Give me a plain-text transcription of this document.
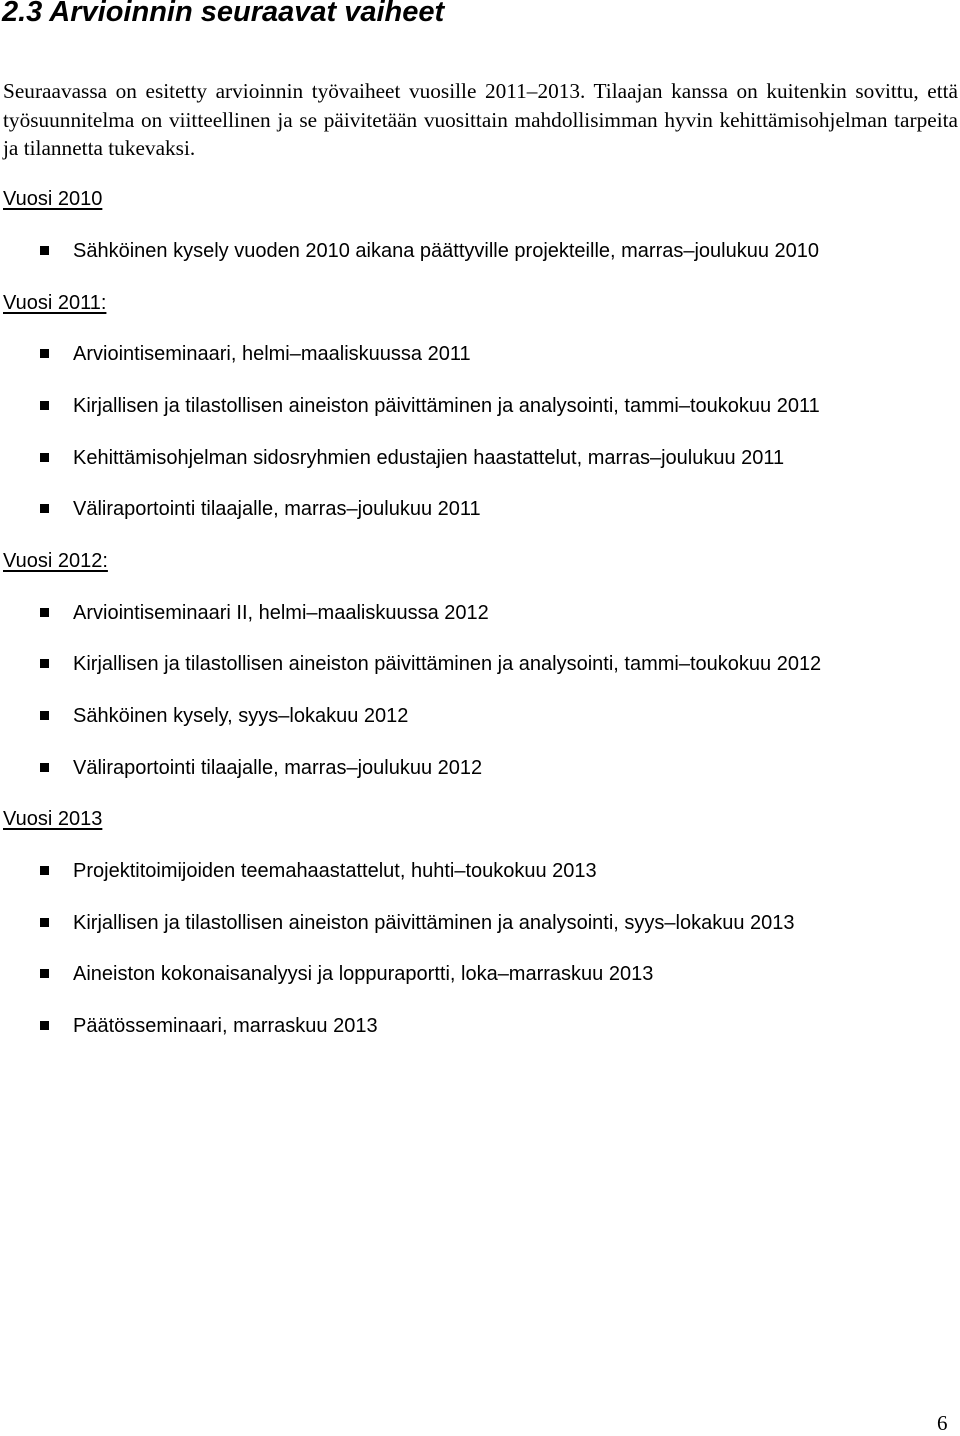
2.3 Arvioinnin seuraavat vaiheet

Seuraavassa on esitetty arvioinnin työvaiheet vuosille 2011–2013. Tilaajan kanssa on kuitenkin sovittu, että työsuunnitelma on viitteellinen ja se päivitetään vuosittain mahdollisimman hyvin kehittämisohjelman tarpeita ja tilannetta tukevaksi.

Vuosi 2010
Sähköinen kysely vuoden 2010 aikana päättyville projekteille, marras–joulukuu 2010
Vuosi 2011:
Arviointiseminaari, helmi–maaliskuussa 2011
Kirjallisen ja tilastollisen aineiston päivittäminen ja analysointi, tammi–toukokuu 2011
Kehittämisohjelman sidosryhmien edustajien haastattelut, marras–joulukuu 2011
Väliraportointi tilaajalle, marras–joulukuu 2011
Vuosi 2012:
Arviointiseminaari II, helmi–maaliskuussa 2012
Kirjallisen ja tilastollisen aineiston päivittäminen ja analysointi, tammi–toukokuu 2012
Sähköinen kysely, syys–lokakuu 2012
Väliraportointi tilaajalle, marras–joulukuu 2012
Vuosi 2013
Projektitoimijoiden teemahaastattelut, huhti–toukokuu 2013
Kirjallisen ja tilastollisen aineiston päivittäminen ja analysointi, syys–lokakuu 2013
Aineiston kokonaisanalyysi ja loppuraportti, loka–marraskuu 2013
Päätösseminaari, marraskuu 2013
6
